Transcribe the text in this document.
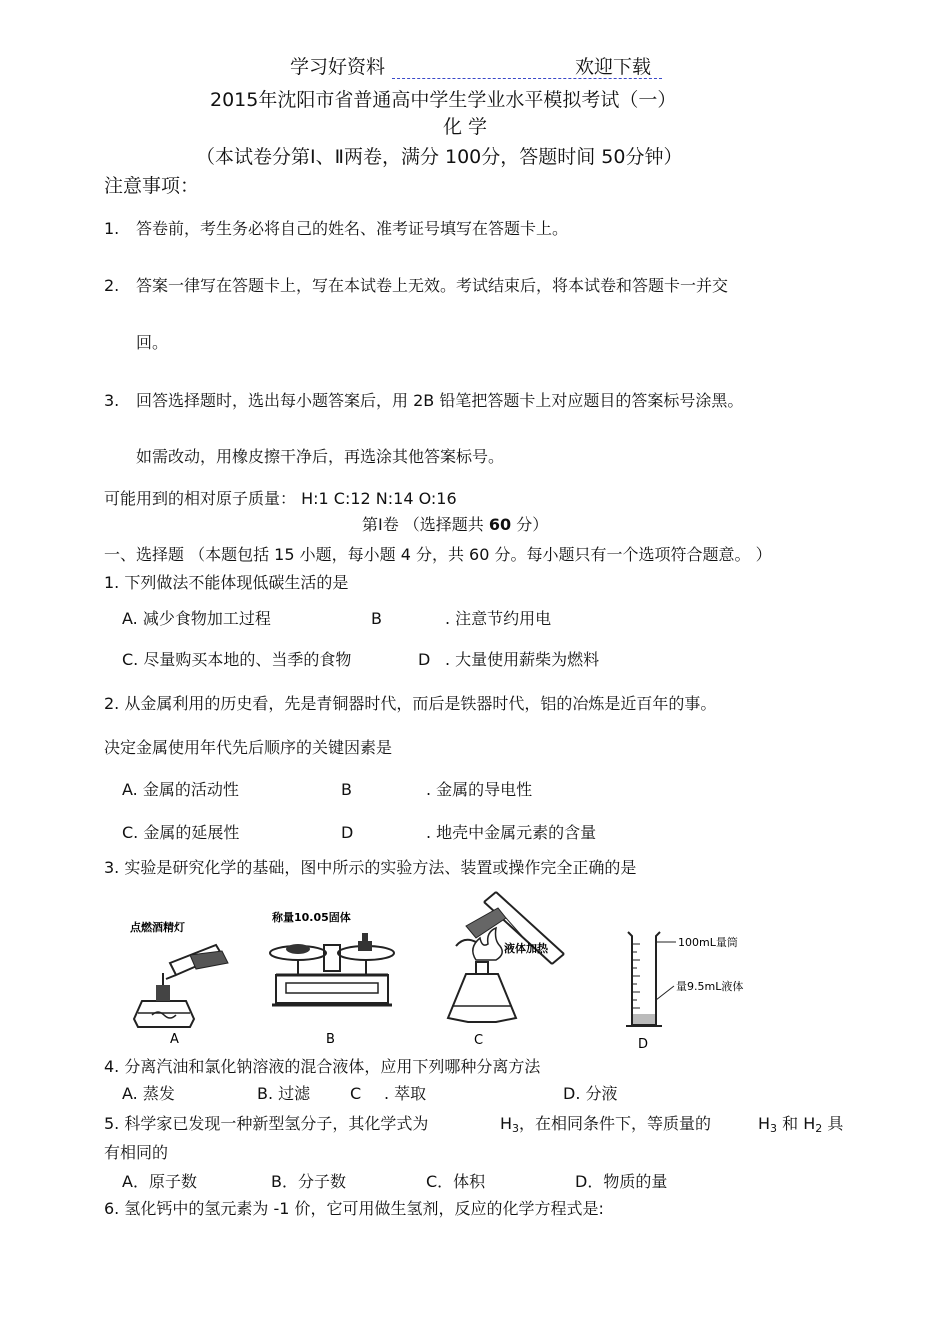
学习好资料	欢迎下载
2015年沈阳市省普通高中学生学业水平模拟考试（一）
化 学
（本试卷分第Ⅰ、Ⅱ两卷，满分 100分，答题时间 50分钟）
注意事项：
1. 答卷前，考生务必将自己的姓名、准考证号填写在答题卡上。
2. 答案一律写在答题卡上，写在本试卷上无效。考试结束后，将本试卷和答题卡一并交
回。
3. 回答选择题时，选出每小题答案后，用 2B 铅笔把答题卡上对应题目的答案标号涂黑。
如需改动，用橡皮擦干净后，再选涂其他答案标号。
可能用到的相对原子质量： H:1 C:12 N:14 O:16
第Ⅰ卷 （选择题共 60 分）
一、选择题 （本题包括 15 小题，每小题 4 分，共 60 分。每小题只有一个选项符合题意。 ）
1. 下列做法不能体现低碳生活的是
A. 减少食物加工过程	B	. 注意节约用电
C. 尽量购买本地的、当季的食物	D . 大量使用薪柴为燃料
2. 从金属利用的历史看，先是青铜器时代，而后是铁器时代，铝的冶炼是近百年的事。
决定金属使用年代先后顺序的关键因素是
A. 金属的活动性	B	. 金属的导电性
C. 金属的延展性	D	. 地壳中金属元素的含量
3. 实验是研究化学的基础，图中所示的实验方法、装置或操作完全正确的是
点燃酒精灯
A
称量10.05固体
B
液体加热
C
100mL量筒
量9.5mL液体
D
4. 分离汽油和氯化钠溶液的混合液体，应用下列哪种分离方法
A. 蒸发	B. 过滤 C . 萃取	D. 分液
5. 科学家已发现一种新型氢分子，其化学式为	$H_3$，在相同条件下，等质量的	$H_3$ 和 $H_2$ 具
有相同的
A．原子数	B．分子数	C．体积	D．物质的量
6. 氢化钙中的氢元素为 -1 价，它可用做生氢剂，反应的化学方程式是:
